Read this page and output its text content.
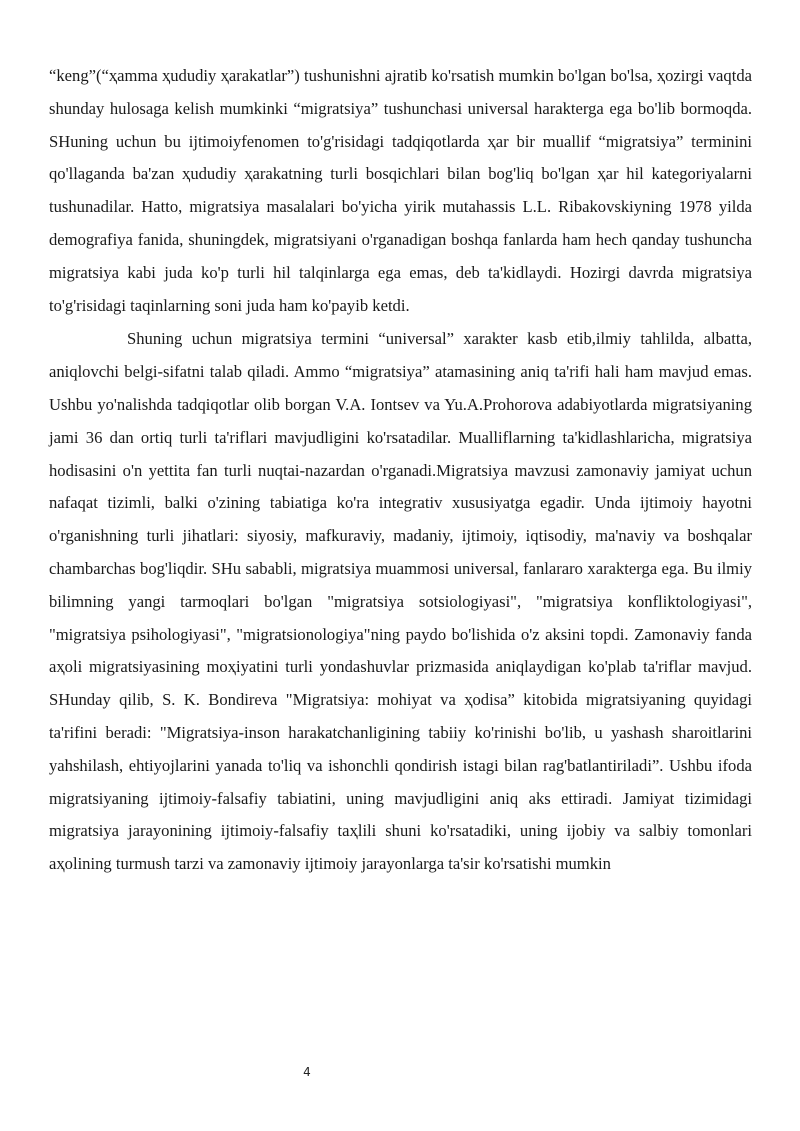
“keng”(“ҳamma ҳududiy ҳarakatlar”) tushunishni ajratib ko'rsatish mumkin bo'lgan bo'lsa, ҳozirgi vaqtda shunday hulosaga kelish mumkinki “migratsiya” tushunchasi universal harakterga ega bo'lib bormoqda. SHuning uchun bu ijtimoiyfenomen to'g'risidagi tadqiqotlarda ҳar bir muallif “migratsiya” terminini qo'llaganda ba'zan ҳududiy ҳarakatning turli bosqichlari bilan bog'liq bo'lgan ҳar hil kategoriyalarni tushunadilar. Hatto, migratsiya masalalari bo'yicha yirik mutahassis L.L. Ribakovskiyning 1978 yilda demografiya fanida, shuningdek, migratsiyani o'rganadigan boshqa fanlarda ham hech qanday tushuncha migratsiya kabi juda ko'p turli hil talqinlarga ega emas, deb ta'kidlaydi. Hozirgi davrda migratsiya to'g'risidagi taqinlarning soni juda ham ko'payib ketdi.

Shuning uchun migratsiya termini “universal” xarakter kasb etib,ilmiy tahlilda, albatta, aniqlovchi belgi-sifatni talab qiladi. Ammo “migratsiya” atamasining aniq ta'rifi hali ham mavjud emas. Ushbu yo'nalishda tadqiqotlar olib borgan V.A. Iontsev va Yu.A.Prohorova adabiyotlarda migratsiyaning jami 36 dan ortiq turli ta'riflari mavjudligini ko'rsatadilar. Mualliflarning ta'kidlashlaricha, migratsiya hodisasini o'n yettita fan turli nuqtai-nazardan o'rganadi.Migratsiya mavzusi zamonaviy jamiyat uchun nafaqat tizimli, balki o'zining tabiatiga ko'ra integrativ xususiyatga egadir. Unda ijtimoiy hayotni o'rganishning turli jihatlari: siyosiy, mafkuraviy, madaniy, ijtimoiy, iqtisodiy, ma'naviy va boshqalar chambarchas bog'liqdir. SHu sababli, migratsiya muammosi universal, fanlararo xarakterga ega. Bu ilmiy bilimning yangi tarmoqlari bo'lgan "migratsiya sotsiologiyasi", "migratsiya konfliktologiyasi", "migratsiya psihologiyasi", "migratsionologiya"ning paydo bo'lishida o'z aksini topdi. Zamonaviy fanda aҳoli migratsiyasining moҳiyatini turli yondashuvlar prizmasida aniqlaydigan ko'plab ta'riflar mavjud. SHunday qilib, S. K. Bondireva "Migratsiya: mohiyat va ҳodisa” kitobida migratsiyaning quyidagi ta'rifini beradi: "Migratsiya-inson harakatchanligining tabiiy ko'rinishi bo'lib, u yashash sharoitlarini yahshilash, ehtiyojlarini yanada to'liq va ishonchli qondirish istagi bilan rag'batlantiriladi”. Ushbu ifoda migratsiyaning ijtimoiy-falsafiy tabiatini, uning mavjudligini aniq aks ettiradi. Jamiyat tizimidagi migratsiya jarayonining ijtimoiy-falsafiy taҳlili shuni ko'rsatadiki, uning ijobiy va salbiy tomonlari aҳolining turmush tarzi va zamonaviy ijtimoiy jarayonlarga ta'sir ko'rsatishi mumkin

4
